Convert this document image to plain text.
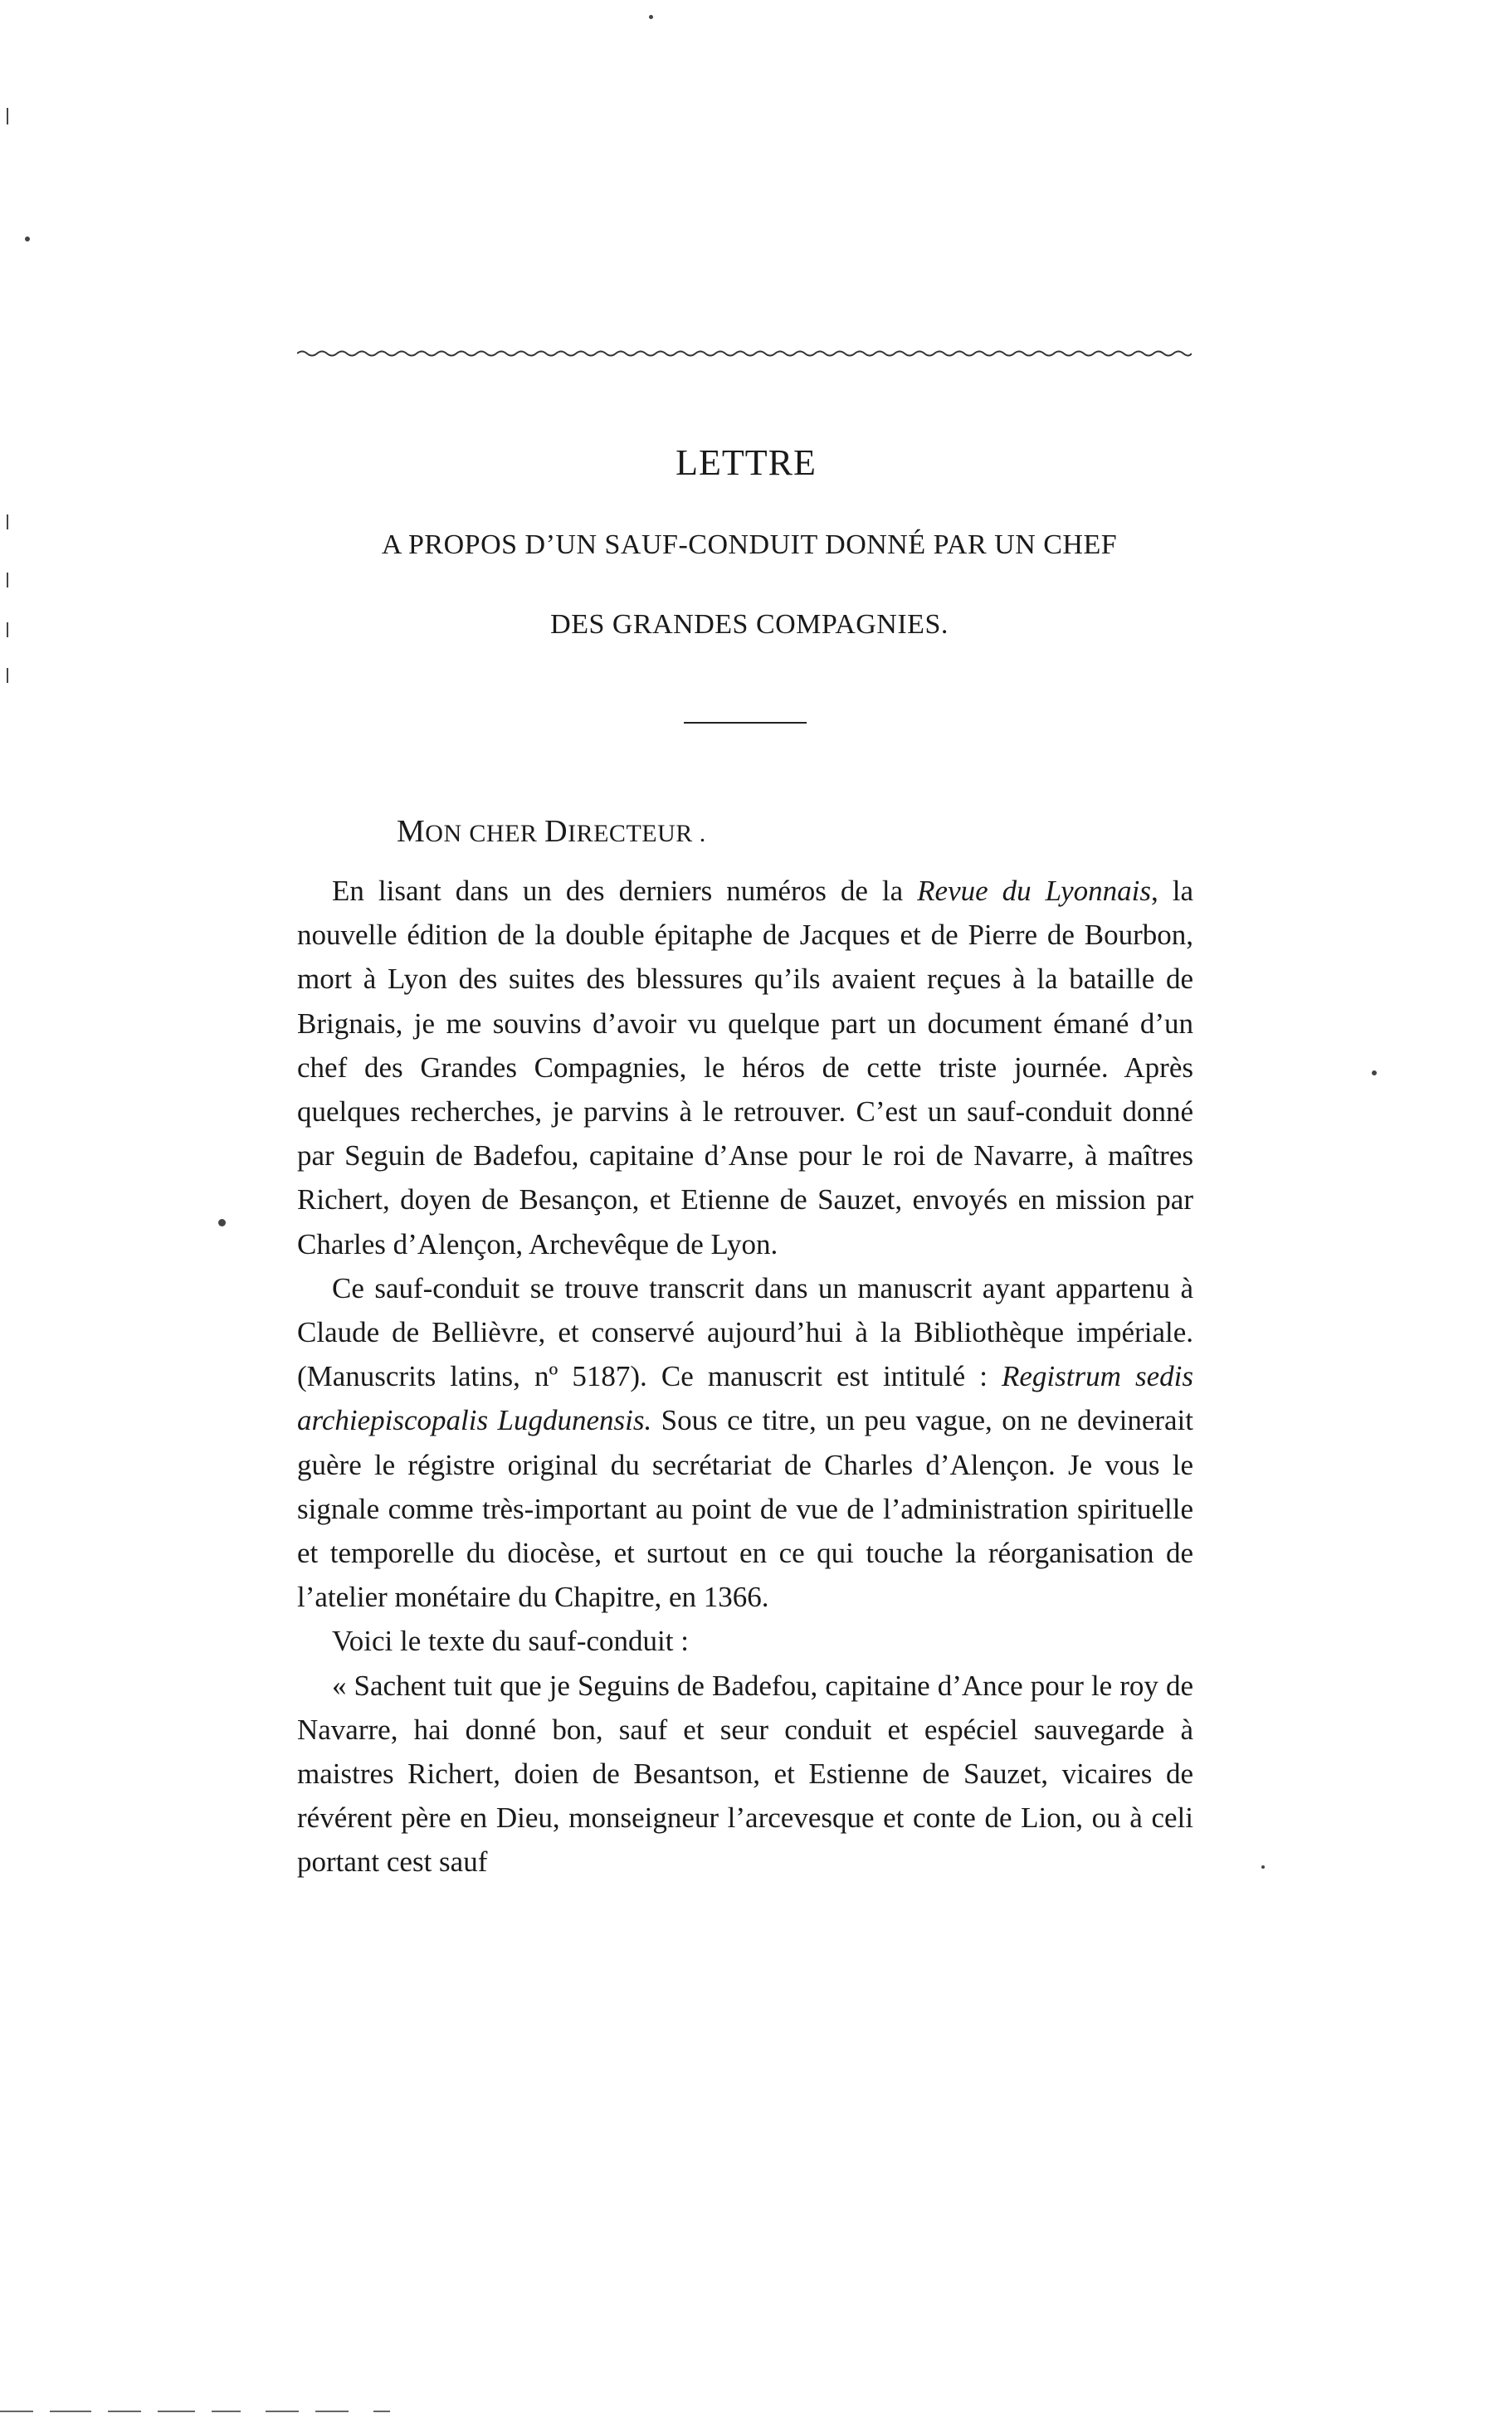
LETTRE
A PROPOS D’UN SAUF-CONDUIT DONNÉ PAR UN CHEF
DES GRANDES COMPAGNIES.
MON CHER DIRECTEUR .

En lisant dans un des derniers numéros de la Revue du Lyonnais, la nouvelle édition de la double épitaphe de Jacques et de Pierre de Bourbon, mort à Lyon des suites des blessures qu’ils avaient reçues à la bataille de Brignais, je me souvins d’avoir vu quelque part un document émané d’un chef des Grandes Compagnies, le héros de cette triste journée. Après quelques recherches, je parvins à le retrouver. C’est un sauf-conduit donné par Seguin de Badefou, capitaine d’Anse pour le roi de Navarre, à maîtres Richert, doyen de Besançon, et Etienne de Sauzet, envoyés en mission par Charles d’Alençon, Archevêque de Lyon.

Ce sauf-conduit se trouve transcrit dans un manuscrit ayant appartenu à Claude de Bellièvre, et conservé aujourd’hui à la Bibliothèque impériale. (Manuscrits latins, nº 5187). Ce manuscrit est intitulé : Registrum sedis archiepiscopalis Lugdunensis. Sous ce titre, un peu vague, on ne devinerait guère le régistre original du secrétariat de Charles d’Alençon. Je vous le signale comme très-important au point de vue de l’administration spirituelle et temporelle du diocèse, et surtout en ce qui touche la réorganisation de l’atelier monétaire du Chapitre, en 1366.

Voici le texte du sauf-conduit :

« Sachent tuit que je Seguins de Badefou, capitaine d’Ance pour le roy de Navarre, hai donné bon, sauf et seur conduit et espéciel sauvegarde à maistres Richert, doien de Besantson, et Estienne de Sauzet, vicaires de révérent père en Dieu, monseigneur l’arcevesque et conte de Lion, ou à celi portant cest sauf
